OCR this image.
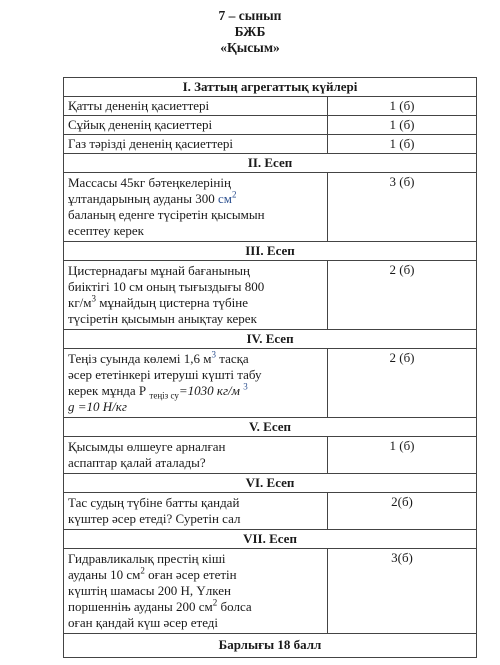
7 – сынып
БЖБ
«Қысым»
I. Заттың агрегаттық күйлері	
Қатты дененің қасиеттері	1 (б)
Сұйық дененің қасиеттері	1 (б)
Газ тәрізді дененің қасиеттері	1 (б)
II. Есеп	

Массасы 45кг бәтеңкелерінің
ұлтандарының ауданы 300 $см^2$
баланың еденге түсіретін қысымын
есептеу керек	3 (б)
III. Есеп	

Цистернадағы мұнай бағанының
биіктігі 10 см оның тығыздығы 800
$кг/м^3$ мұнайдың цистерна түбіне
түсіретін қысымын анықтау керек	2 (б)
IV. Есеп	

Теңіз суында көлемі 1,6 $м^3$ тасқа
әсер ететінкері итеруші күшті табу
керек мұнда Р $_{теңіз су}$=1030 кг/м $^3$
g =10 Н/кг	2 (б)
V. Есеп	

Қысымды өлшеуге арналған
аспаптар қалай аталады?	1 (б)
VI. Есеп	

Тас судың түбіне батты қандай
күштер әсер етеді? Суретін сал	2(б)
VII. Есеп	

Гидравликалық престің кіші
ауданы 10 $см^2$ оған әсер ететін
күштің шамасы 200 Н, Үлкен
поршенніњ ауданы 200 $см^2$ болса
оған қандай күш әсер етеді	3(б)
Барлығы 18 балл	
